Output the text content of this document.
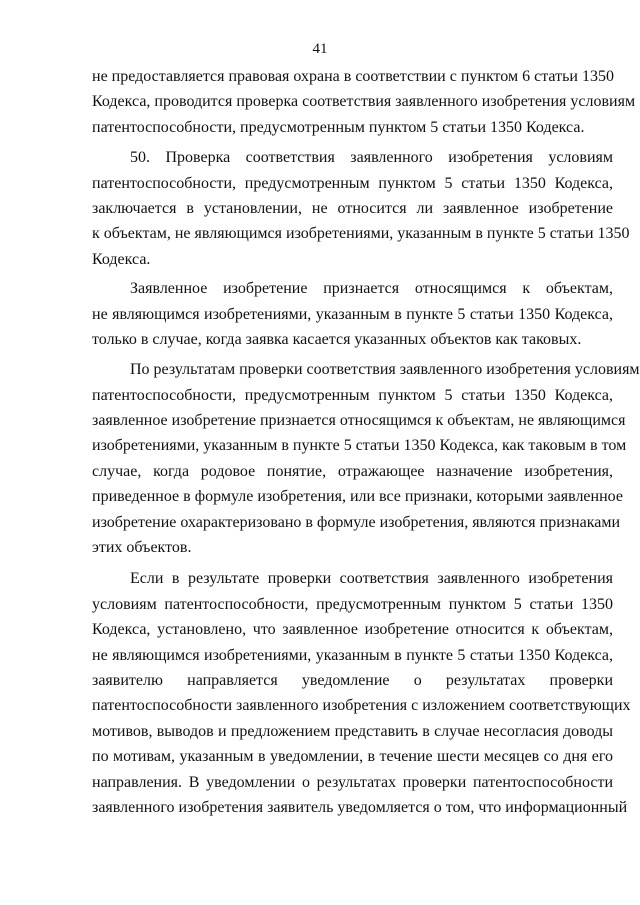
41
не предоставляется правовая охрана в соответствии с пунктом 6 статьи 1350
Кодекса, проводится проверка соответствия заявленного изобретения условиям
патентоспособности, предусмотренным пунктом 5 статьи 1350 Кодекса.
50. Проверка соответствия заявленного изобретения условиям
патентоспособности, предусмотренным пунктом 5 статьи 1350 Кодекса,
заключается в установлении, не относится ли заявленное изобретение
к объектам, не являющимся изобретениями, указанным в пункте 5 статьи 1350
Кодекса.
Заявленное изобретение признается относящимся к объектам,
не являющимся изобретениями, указанным в пункте 5 статьи 1350 Кодекса,
только в случае, когда заявка касается указанных объектов как таковых.
По результатам проверки соответствия заявленного изобретения условиям
патентоспособности, предусмотренным пунктом 5 статьи 1350 Кодекса,
заявленное изобретение признается относящимся к объектам, не являющимся
изобретениями, указанным в пункте 5 статьи 1350 Кодекса, как таковым в том
случае, когда родовое понятие, отражающее назначение изобретения,
приведенное в формуле изобретения, или все признаки, которыми заявленное
изобретение охарактеризовано в формуле изобретения, являются признаками
этих объектов.
Если в результате проверки соответствия заявленного изобретения
условиям патентоспособности, предусмотренным пунктом 5 статьи 1350
Кодекса, установлено, что заявленное изобретение относится к объектам,
не являющимся изобретениями, указанным в пункте 5 статьи 1350 Кодекса,
заявителю направляется уведомление о результатах проверки
патентоспособности заявленного изобретения с изложением соответствующих
мотивов, выводов и предложением представить в случае несогласия доводы
по мотивам, указанным в уведомлении, в течение шести месяцев со дня его
направления. В уведомлении о результатах проверки патентоспособности
заявленного изобретения заявитель уведомляется о том, что информационный
